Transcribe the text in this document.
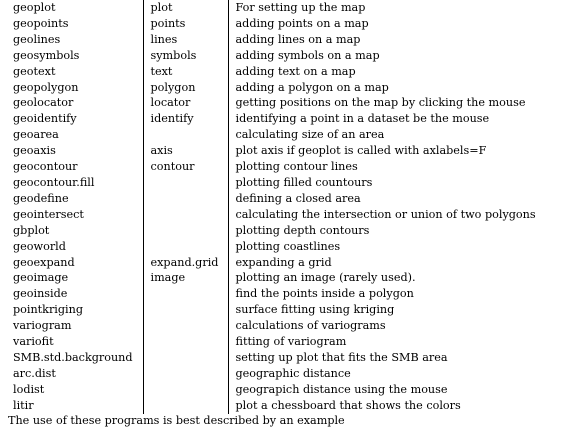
geoplot	plot	For setting up the map
geopoints	points	adding points on a map
geolines	lines	adding lines on a map
geosymbols	symbols	adding symbols on a map
geotext	text	adding text on a map
geopolygon	polygon	adding a polygon on a map
geolocator	locator	getting positions on the map by clicking the mouse
geoidentify	identify	identifying a point in a dataset be the mouse
geoarea		calculating size of an area
geoaxis	axis	plot axis if geoplot is called with axlabels=F
geocontour	contour	plotting contour lines
geocontour.fill		plotting filled countours
geodefine		defining a closed area
geointersect		calculating the intersection or union of two polygons
gbplot		plotting depth contours
geoworld		plotting coastlines
geoexpand	expand.grid	expanding a grid
geoimage	image	plotting an image (rarely used).
geoinside		find the points inside a polygon
pointkriging		surface fitting using kriging
variogram		calculations of variograms
variofit		fitting of variogram
SMB.std.background		setting up plot that fits the SMB area
arc.dist		geographic distance
lodist		geograpich distance using the mouse
litir		plot a chessboard that shows the colors
The use of these programs is best described by an example
